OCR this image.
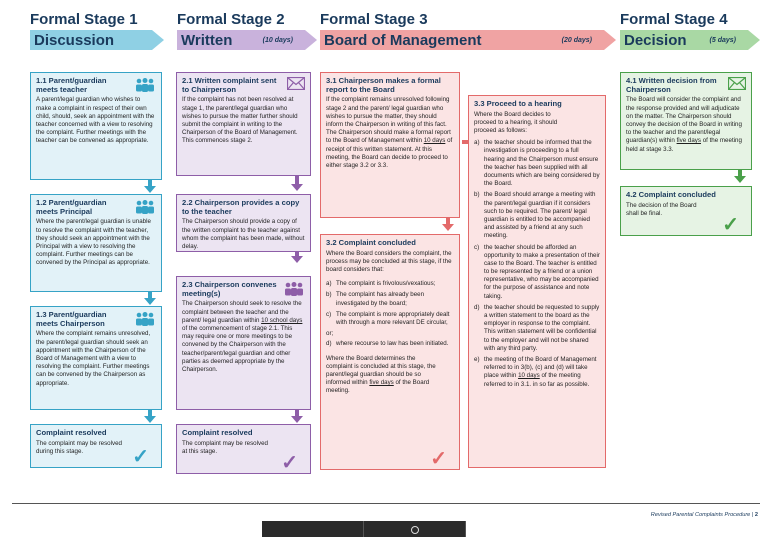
Formal Stage 1
Discussion
Formal Stage 2
Written	(10 days)
Formal Stage 3
Board of Management	(20 days)
Formal Stage 4
Decision	(5 days)
1.1 Parent/guardian meets teacher

A parent/legal guardian who wishes to make a complaint in respect of their own child, should, seek an appointment with the teacher concerned with a view to resolving the complaint. Further meetings with the teacher can be convened as appropriate.

1.2 Parent/guardian meets Principal

Where the parent/legal guardian is unable to resolve the complaint with the teacher, they should seek an appointment with the Principal with a view to resolving the complaint. Further meetings can be convened by the Principal as appropriate.

1.3 Parent/guardian meets Chairperson

Where the complaint remains unresolved, the parent/legal guardian should seek an appointment with the Chairperson of the Board of Management with a view to resolving the complaint. Further meetings can be convened by the Chairperson as appropriate.

Complaint resolved

The complaint may be resolved during this stage.	✓
2.1 Written complaint sent to Chairperson

If the complaint has not been resolved at stage 1, the parent/legal guardian who wishes to pursue the matter further should submit the complaint in writing to the Chairperson of the Board of Management. This commences stage 2.

2.2 Chairperson provides a copy to the teacher

The Chairperson should provide a copy of the written complaint to the teacher against whom the complaint has been made, without delay.

2.3 Chairperson convenes meeting(s)

The Chairperson should seek to resolve the complaint between the teacher and the parent/ legal guardian within 10 school days of the commencement of stage 2.1. This may require one or more meetings to be convened by the Chairperson with the teacher/parent/legal guardian and other parties as deemed appropriate by the Chairperson.

Complaint resolved

The complaint may be resolved at this stage.

✓
3.1 Chairperson makes a formal report to the Board

If the complaint remains unresolved following stage 2 and the parent/ legal guardian who wishes to pursue the matter, they should inform the Chairperson in writing of this fact. The Chairperson should make a formal report to the Board of Management within 10 days of receipt of this written statement. At this meeting, the Board can decide to proceed to either stage 3.2 or 3.3.

3.2 Complaint concluded

Where the Board considers the complaint, the process may be concluded at this stage, if the board considers that:

a) The complaint is frivolous/vexatious;
b) The complaint has already been investigated by the board;
c) The complaint is more appropriately dealt with through a more relevant DE circular,

or;

d) where recourse to law has been initiated.

Where the Board determines the complaint is concluded at this stage, the parent/legal guardian should be so informed within five days of the Board meeting.

✓
3.3 Proceed to a hearing

Where the Board decides to proceed to a hearing, it should proceed as follows:

a) the teacher should be informed that the investigation is proceeding to a full hearing and the Chairperson must ensure the teacher has been supplied with all documents which are being considered by the Board.
b) the Board should arrange a meeting with the parent/legal guardian if it considers such to be required. The parent/ legal guardian is entitled to be accompanied and assisted by a friend at any such meeting.
c) the teacher should be afforded an opportunity to make a presentation of their case to the Board. The teacher is entitled to be represented by a friend or a union representative, who may be accompanied for the purpose of assistance and note taking.
d) the teacher should be requested to supply a written statement to the board as the employer in response to the complaint. This written statement will be confidential to the employer and will not be shared with any third party.
e) the meeting of the Board of Management referred to in 3(b), (c) and (d) will take place within 10 days of the meeting referred to in 3.1. in so far as possible.
4.1 Written decision from Chairperson

The Board will consider the complaint and the response provided and will adjudicate on the matter. The Chairperson should convey the decision of the Board in writing to the teacher and the parent/legal guardian(s) within five days of the meeting held at stage 3.3.

4.2 Complaint concluded

The decision of the Board shall be final.

✓
Revised Parental Complaints Procedure | 2
